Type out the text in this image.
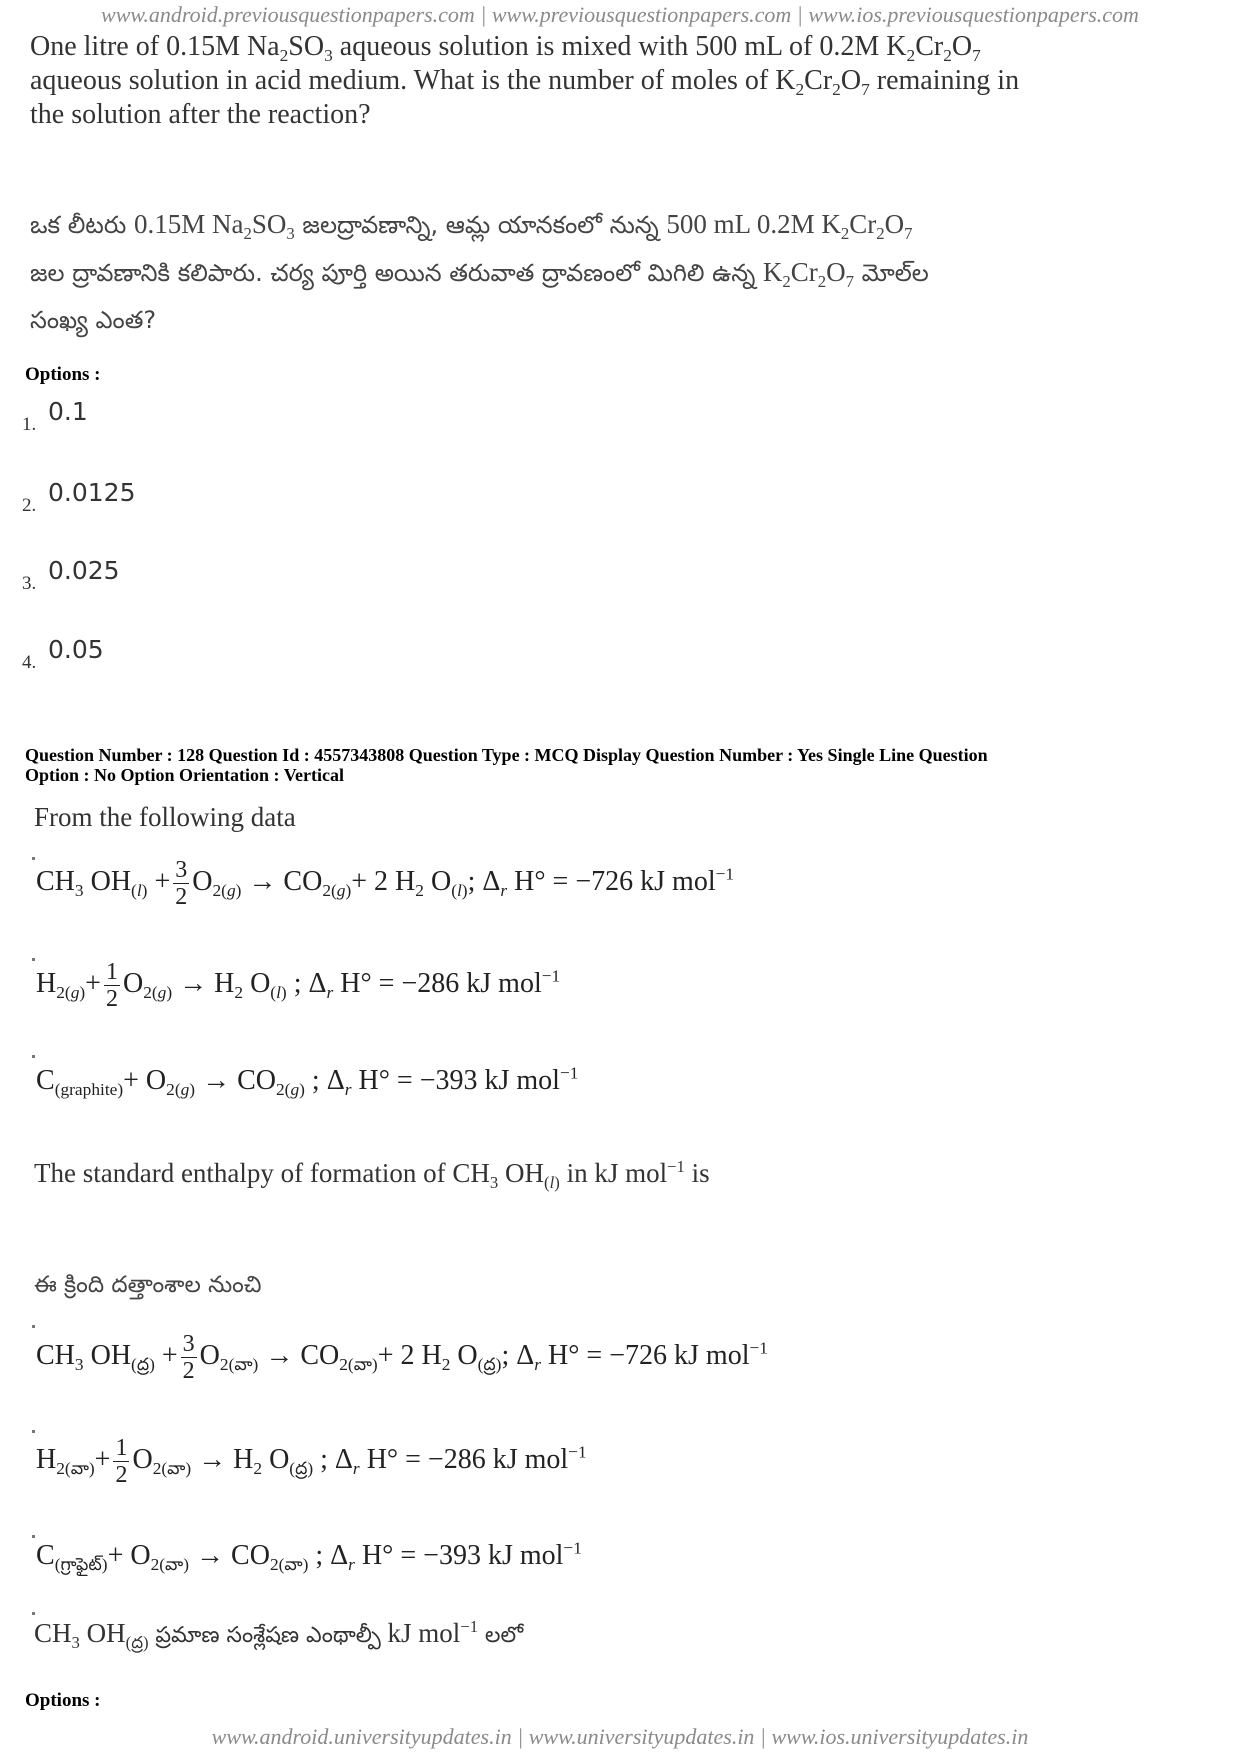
www.android.previousquestionpapers.com | www.previousquestionpapers.com | www.ios.previousquestionpapers.com
One litre of 0.15M $Na_2SO_3$ aqueous solution is mixed with 500 mL of 0.2M $K_2Cr_2O_7$
aqueous solution in acid medium. What is the number of moles of $K_2Cr_2O_7$ remaining in
the solution after the reaction?
ఒక లీటరు 0.15M $Na_2SO_3$ జలద్రావణాన్ని, ఆమ్ల యానకంలో నున్న 500 mL 0.2M $K_2Cr_2O_7$
జల ద్రావణానికి కలిపారు. చర్య పూర్తి అయిన తరువాత ద్రావణంలో మిగిలి ఉన్న $K_2Cr_2O_7$ మోల్‌ల
సంఖ్య ఎంత?
Options :
1. 0.1
2. 0.0125
3. 0.025
4. 0.05
Question Number : 128 Question Id : 4557343808 Question Type : MCQ Display Question Number : Yes Single Line Question
Option : No Option Orientation : Vertical
From the following data
$CH_3$ $OH_{(l)} + \frac{3}{2} O_{2(g)} \to CO_{2(g)}+ 2$ $H_2$ $O_{(l)}$; $\Delta_r$ H° = −726 kJ mol$^{-1}$
$H_{2(g)}+ \frac{1}{2} O_{2(g)} \to H_2$ $O_{(l)}$ ; $\Delta_r$ H° = −286 kJ mol$^{-1}$
$C_{(graphite)}+ O_{2(g)} \to CO_{2(g)}$ ; $\Delta_r$ H° = −393 kJ mol$^{-1}$
The standard enthalpy of formation of $CH_3$ $OH_{(l)}$ in kJ mol$^{-1}$ is
ఈ క్రింది దత్తాంశాల నుంచి
$CH_3$ $OH_{(ద్ర)} + \frac{3}{2} O_{2(వా)} \to CO_{2(వా)}+ 2$ $H_2$ $O_{(ద్ర)}$; $\Delta_r$ H° = −726 kJ mol$^{-1}$
$H_{2(వా)}+ \frac{1}{2} O_{2(వా)} \to H_2$ $O_{(ద్ర)}$ ; $\Delta_r$ H° = −286 kJ mol$^{-1}$
$C_{(గ్రాఫైట్)}+ O_{2(వా)} \to CO_{2(వా)}$ ; $\Delta_r$ H° = −393 kJ mol$^{-1}$
$CH_3$ $OH_{(ద్ర)}$ ప్రమాణ సంశ్లేషణ ఎంథాల్పీ kJ mol$^{-1}$ లలో
Options :
www.android.universityupdates.in | www.universityupdates.in | www.ios.universityupdates.in
